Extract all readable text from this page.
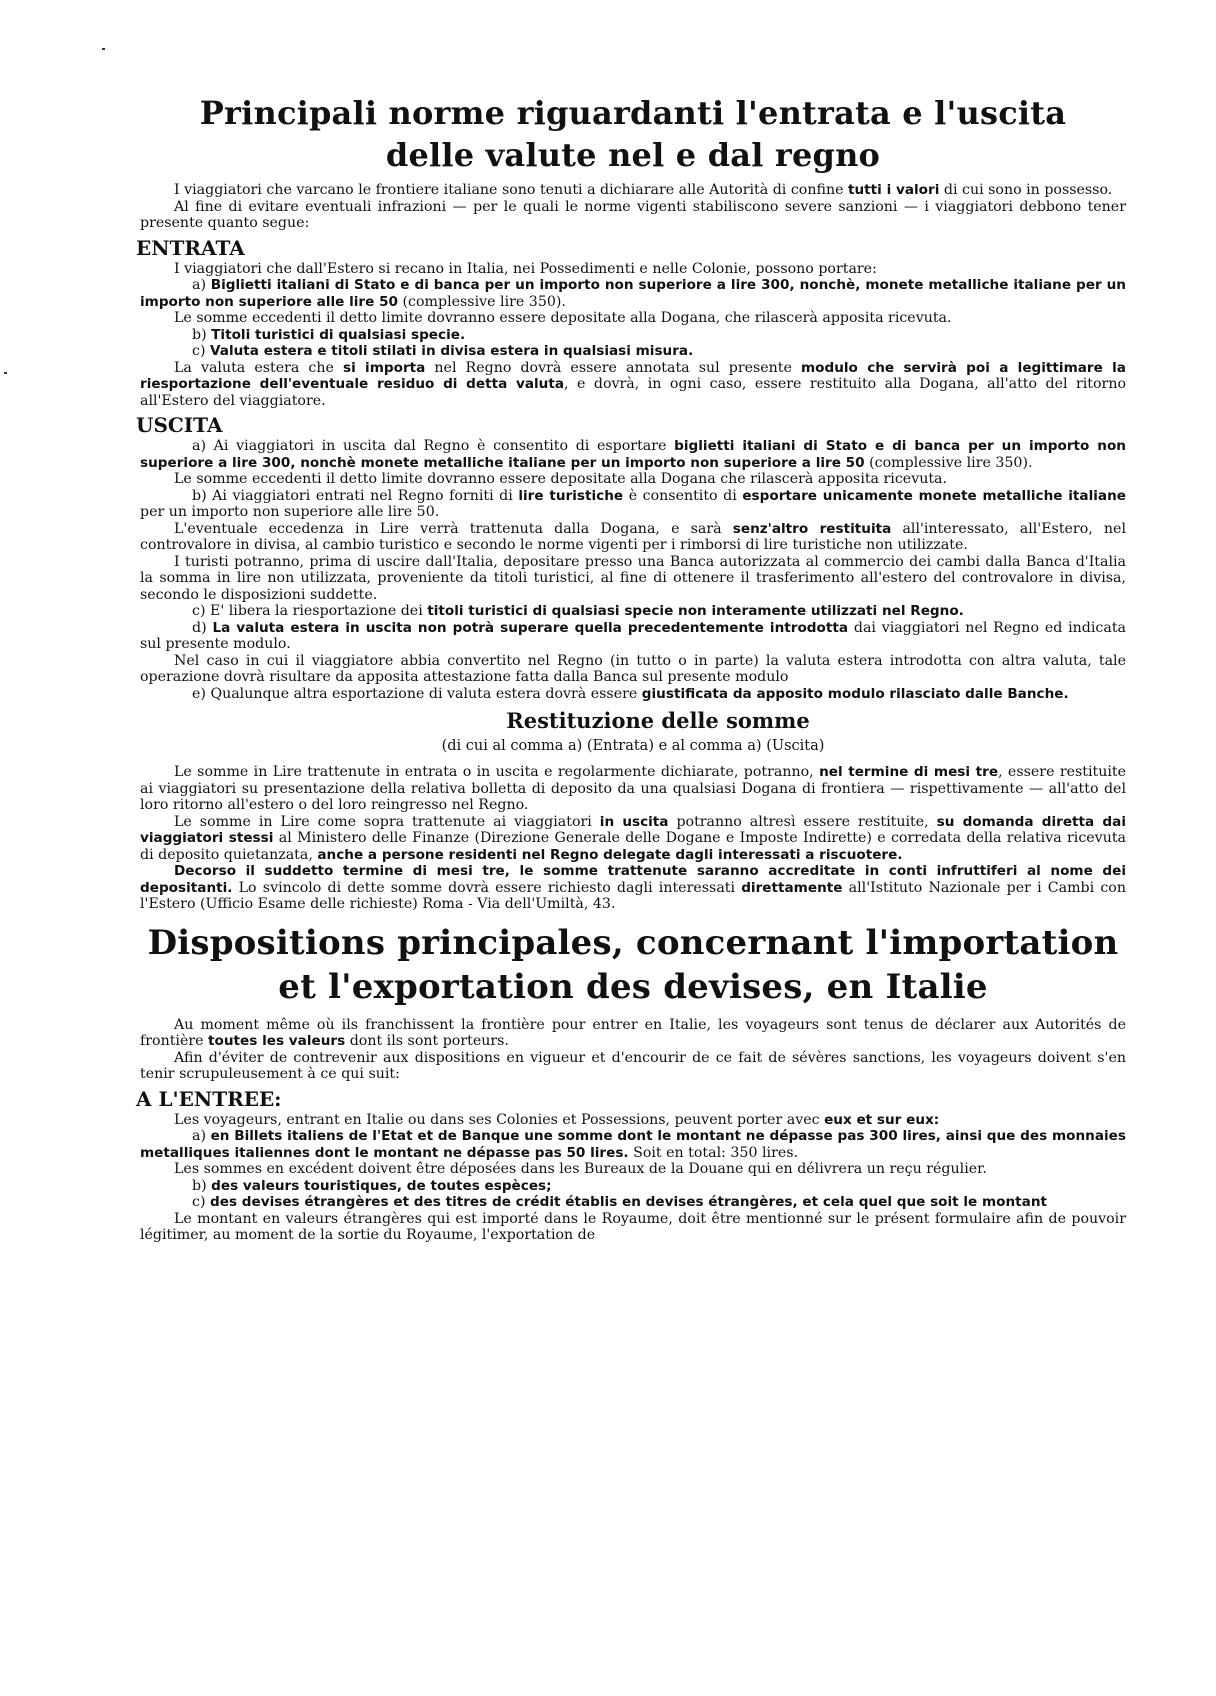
Principali norme riguardanti l'entrata e l'uscita
delle valute nel e dal regno

I viaggiatori che varcano le frontiere italiane sono tenuti a dichiarare alle Autorità di confine tutti i valori di cui sono in possesso.

Al fine di evitare eventuali infrazioni — per le quali le norme vigenti stabiliscono severe sanzioni — i viaggiatori debbono tener presente quanto segue:

ENTRATA

I viaggiatori che dall'Estero si recano in Italia, nei Possedimenti e nelle Colonie, possono portare:

a) Biglietti italiani di Stato e di banca per un importo non superiore a lire 300, nonchè, monete metalliche italiane per un importo non superiore alle lire 50 (complessive lire 350).

Le somme eccedenti il detto limite dovranno essere depositate alla Dogana, che rilascerà apposita ricevuta.

b) Titoli turistici di qualsiasi specie.

c) Valuta estera e titoli stilati in divisa estera in qualsiasi misura.

La valuta estera che si importa nel Regno dovrà essere annotata sul presente modulo che servirà poi a legittimare la riesportazione dell'eventuale residuo di detta valuta, e dovrà, in ogni caso, essere restituito alla Dogana, all'atto del ritorno all'Estero del viaggiatore.

USCITA

a) Ai viaggiatori in uscita dal Regno è consentito di esportare biglietti italiani di Stato e di banca per un importo non superiore a lire 300, nonchè monete metalliche italiane per un importo non superiore a lire 50 (complessive lire 350).

Le somme eccedenti il detto limite dovranno essere depositate alla Dogana che rilascerà apposita ricevuta.

b) Ai viaggiatori entrati nel Regno forniti di lire turistiche è consentito di esportare unicamente monete metalliche italiane per un importo non superiore alle lire 50.

L'eventuale eccedenza in Lire verrà trattenuta dalla Dogana, e sarà senz'altro restituita all'interessato, all'Estero, nel controvalore in divisa, al cambio turistico e secondo le norme vigenti per i rimborsi di lire turistiche non utilizzate.

I turisti potranno, prima di uscire dall'Italia, depositare presso una Banca autorizzata al commercio dei cambi dalla Banca d'Italia la somma in lire non utilizzata, proveniente da titoli turistici, al fine di ottenere il trasferimento all'estero del controvalore in divisa, secondo le disposizioni suddette.

c) E' libera la riesportazione dei titoli turistici di qualsiasi specie non interamente utilizzati nel Regno.

d) La valuta estera in uscita non potrà superare quella precedentemente introdotta dai viaggiatori nel Regno ed indicata sul presente modulo.

Nel caso in cui il viaggiatore abbia convertito nel Regno (in tutto o in parte) la valuta estera introdotta con altra valuta, tale operazione dovrà risultare da apposita attestazione fatta dalla Banca sul presente modulo

e) Qualunque altra esportazione di valuta estera dovrà essere giustificata da apposito modulo rilasciato dalle Banche.

Restituzione delle somme

(di cui al comma a) (Entrata) e al comma a) (Uscita)

Le somme in Lire trattenute in entrata o in uscita e regolarmente dichiarate, potranno, nel termine di mesi tre, essere restituite ai viaggiatori su presentazione della relativa bolletta di deposito da una qualsiasi Dogana di frontiera — rispettivamente — all'atto del loro ritorno all'estero o del loro reingresso nel Regno.

Le somme in Lire come sopra trattenute ai viaggiatori in uscita potranno altresì essere restituite, su domanda diretta dai viaggiatori stessi al Ministero delle Finanze (Direzione Generale delle Dogane e Imposte Indirette) e corredata della relativa ricevuta di deposito quietanzata, anche a persone residenti nel Regno delegate dagli interessati a riscuotere.

Decorso il suddetto termine di mesi tre, le somme trattenute saranno accreditate in conti infruttiferi al nome dei depositanti. Lo svincolo di dette somme dovrà essere richiesto dagli interessati direttamente all'Istituto Nazionale per i Cambi con l'Estero (Ufficio Esame delle richieste) Roma - Via dell'Umiltà, 43.

Dispositions principales, concernant l'importation
et l'exportation des devises, en Italie

Au moment même où ils franchissent la frontière pour entrer en Italie, les voyageurs sont tenus de déclarer aux Autorités de frontière toutes les valeurs dont ils sont porteurs.

Afin d'éviter de contrevenir aux dispositions en vigueur et d'encourir de ce fait de sévères sanctions, les voyageurs doivent s'en tenir scrupuleusement à ce qui suit:

A L'ENTREE:

Les voyageurs, entrant en Italie ou dans ses Colonies et Possessions, peuvent porter avec eux et sur eux:

a) en Billets italiens de l'Etat et de Banque une somme dont le montant ne dépasse pas 300 lires, ainsi que des monnaies metalliques italiennes dont le montant ne dépasse pas 50 lires. Soit en total: 350 lires.

Les sommes en excédent doivent être déposées dans les Bureaux de la Douane qui en délivrera un reçu régulier.

b) des valeurs touristiques, de toutes espèces;

c) des devises étrangères et des titres de crédit établis en devises étrangères, et cela quel que soit le montant

Le montant en valeurs étrangères qui est importé dans le Royaume, doit être mentionné sur le présent formulaire afin de pouvoir légitimer, au moment de la sortie du Royaume, l'exportation de
